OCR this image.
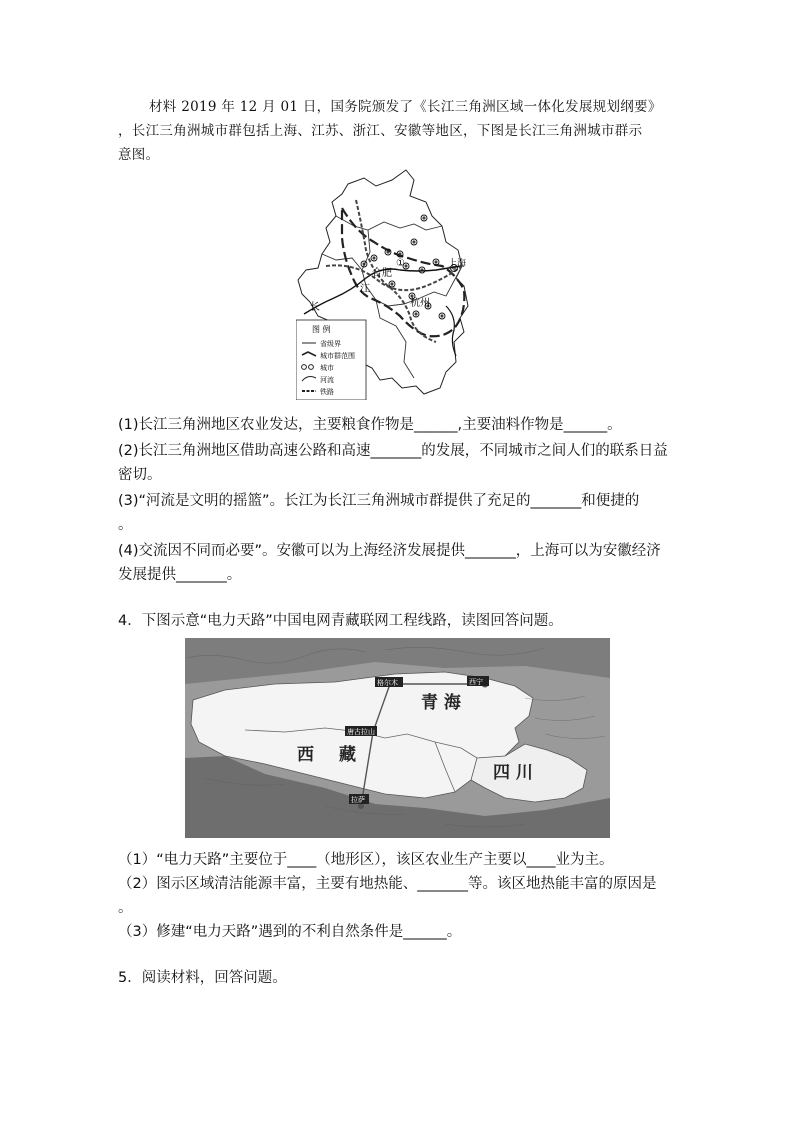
材料 2019 年 12 月 01 日，国务院颁发了《长江三角洲区域一体化发展规划纲要》
，长江三角洲城市群包括上海、江苏、浙江、安徽等地区，下图是长江三角洲城市群示
意图。
合肥
上海
江
杭州
长
①
图 例
省级界
城市群范围
城市
河流
铁路
(1)长江三角洲地区农业发达，主要粮食作物是______,主要油料作物是______。
(2)长江三角洲地区借助高速公路和高速_______的发展，不同城市之间人们的联系日益
密切。
(3)“河流是文明的摇篮”。长江为长江三角洲城市群提供了充足的_______和便捷的
。
(4)交流因不同而必要”。安徽可以为上海经济发展提供_______，上海可以为安徽经济
发展提供_______。
4．下图示意“电力天路”中国电网青藏联网工程线路，读图回答问题。
格尔木	西宁
唐古拉山
拉萨
青 海
西 藏
四 川
（1）“电力天路”主要位于____（地形区），该区农业生产主要以____业为主。
（2）图示区域清洁能源丰富，主要有地热能、_______等。该区地热能丰富的原因是
。
（3）修建“电力天路”遇到的不利自然条件是______。
5．阅读材料，回答问题。
